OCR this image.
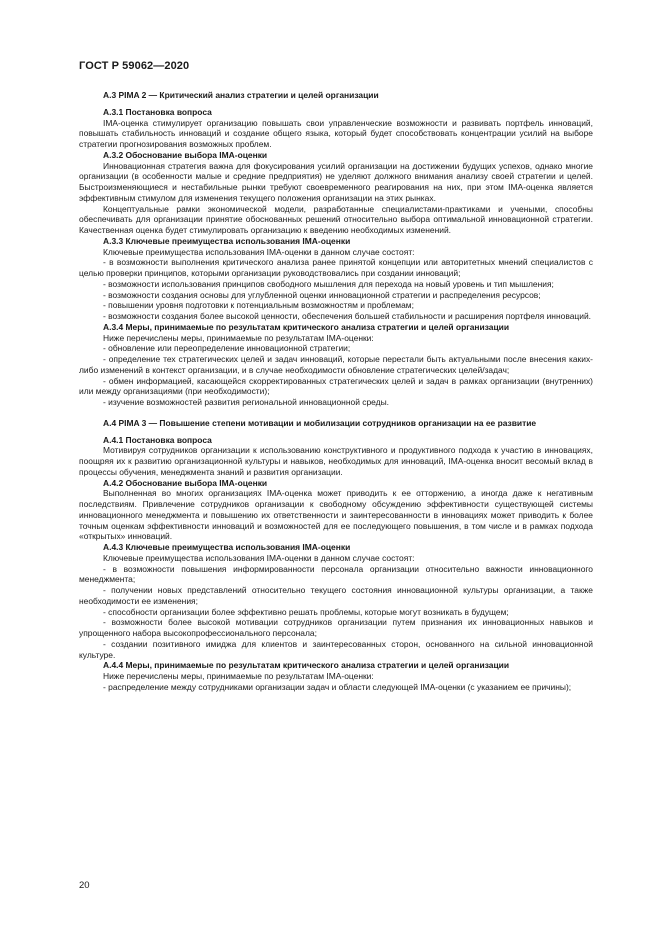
ГОСТ Р 59062—2020
А.3 PIMA 2 — Критический анализ стратегии и целей организации
А.3.1 Постановка вопроса

IMA-оценка стимулирует организацию повышать свои управленческие возможности и развивать портфель инноваций, повышать стабильность инноваций и создание общего языка, который будет способствовать концентрации усилий на выборе стратегии прогнозирования возможных проблем.

А.3.2 Обоснование выбора IMA-оценки

Инновационная стратегия важна для фокусирования усилий организации на достижении будущих успехов, однако многие организации (в особенности малые и средние предприятия) не уделяют должного внимания анализу своей стратегии и целей. Быстроизменяющиеся и нестабильные рынки требуют своевременного реагирования на них, при этом IMA-оценка является эффективным стимулом для изменения текущего положения организации на этих рынках.

Концептуальные рамки экономической модели, разработанные специалистами-практиками и учеными, способны обеспечивать для организации принятие обоснованных решений относительно выбора оптимальной инновационной стратегии. Качественная оценка будет стимулировать организацию к введению необходимых изменений.

А.3.3 Ключевые преимущества использования IMA-оценки

Ключевые преимущества использования IMA-оценки в данном случае состоят:

- в возможности выполнения критического анализа ранее принятой концепции или авторитетных мнений специалистов с целью проверки принципов, которыми организации руководствовались при создании инноваций;

- возможности использования принципов свободного мышления для перехода на новый уровень и тип мышления;

- возможности создания основы для углубленной оценки инновационной стратегии и распределения ресурсов;

- повышении уровня подготовки к потенциальным возможностям и проблемам;

- возможности создания более высокой ценности, обеспечения большей стабильности и расширения портфеля инноваций.

А.3.4 Меры, принимаемые по результатам критического анализа стратегии и целей организации

Ниже перечислены меры, принимаемые по результатам IMA-оценки:

- обновление или переопределение инновационной стратегии;

- определение тех стратегических целей и задач инноваций, которые перестали быть актуальными после внесения каких-либо изменений в контекст организации, и в случае необходимости обновление стратегических целей/задач;

- обмен информацией, касающейся скорректированных стратегических целей и задач в рамках организации (внутренних) или между организациями (при необходимости);

- изучение возможностей развития региональной инновационной среды.

А.4 PIMA 3 — Повышение степени мотивации и мобилизации сотрудников организации на ее развитие
А.4.1 Постановка вопроса

Мотивируя сотрудников организации к использованию конструктивного и продуктивного подхода к участию в инновациях, поощряя их к развитию организационной культуры и навыков, необходимых для инноваций, IMA-оценка вносит весомый вклад в процессы обучения, менеджмента знаний и развития организации.

А.4.2 Обоснование выбора IMA-оценки

Выполненная во многих организациях IMA-оценка может приводить к ее отторжению, а иногда даже к негативным последствиям. Привлечение сотрудников организации к свободному обсуждению эффективности существующей системы инновационного менеджмента и повышению их ответственности и заинтересованности в инновациях может приводить к более точным оценкам эффективности инноваций и возможностей для ее последующего повышения, в том числе и в рамках подхода «открытых» инноваций.

А.4.3 Ключевые преимущества использования IMA-оценки

Ключевые преимущества использования IMA-оценки в данном случае состоят:

- в возможности повышения информированности персонала организации относительно важности инновационного менеджмента;

- получении новых представлений относительно текущего состояния инновационной культуры организации, а также необходимости ее изменения;

- способности организации более эффективно решать проблемы, которые могут возникать в будущем;

- возможности более высокой мотивации сотрудников организации путем признания их инновационных навыков и упрощенного набора высокопрофессионального персонала;

- создании позитивного имиджа для клиентов и заинтересованных сторон, основанного на сильной инновационной культуре.

А.4.4 Меры, принимаемые по результатам критического анализа стратегии и целей организации

Ниже перечислены меры, принимаемые по результатам IMA-оценки:

- распределение между сотрудниками организации задач и области следующей IMA-оценки (с указанием ее причины);

20
